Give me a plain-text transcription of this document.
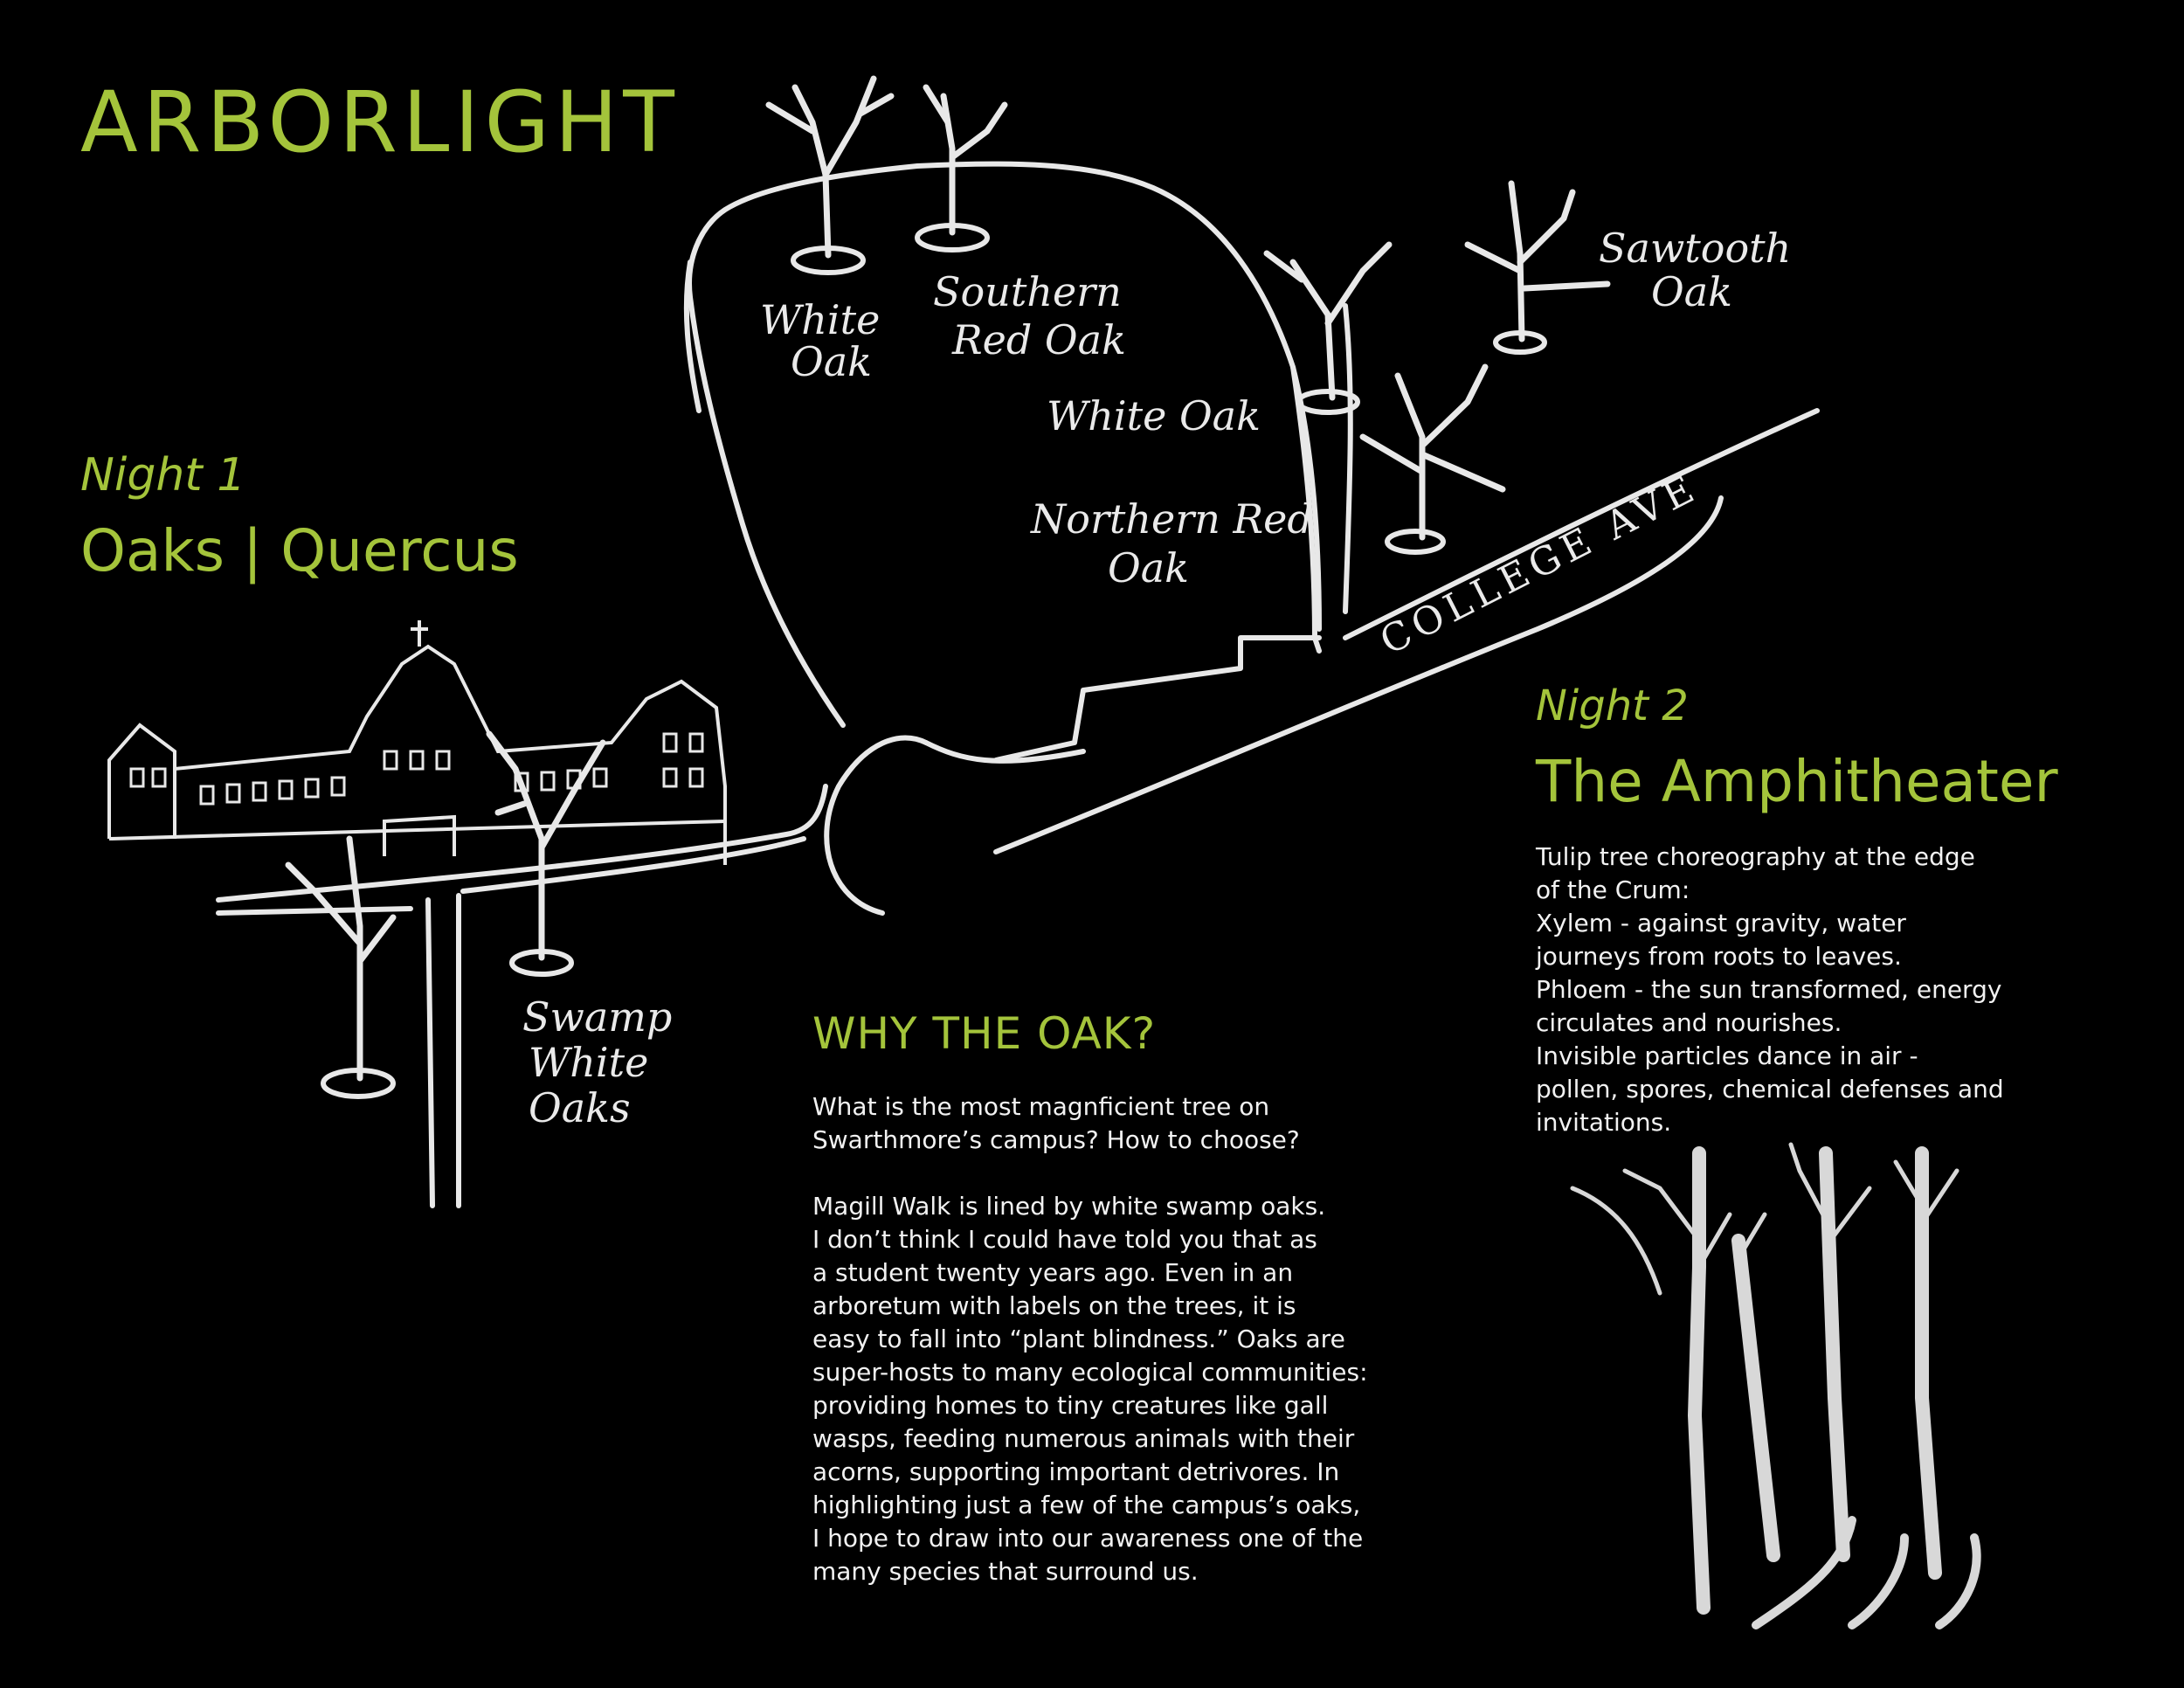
White
Oak
Southern
Red Oak
White Oak
Northern Red
Oak
Sawtooth
Oak
Swamp
White
Oaks
COLLEGE AVE
ARBORLIGHT
Night 1
Oaks | Quercus
Night 2
The Amphitheater
Tulip tree choreography at the edge
of the Crum:
Xylem - against gravity, water
journeys from roots to leaves.
Phloem - the sun transformed, energy
circulates and nourishes.
Invisible particles dance in air -
pollen, spores, chemical defenses and
invitations.
WHY THE OAK?
What is the most magnficient tree on
Swarthmore’s campus? How to choose?
Magill Walk is lined by white swamp oaks.
I don’t think I could have told you that as
a student twenty years ago. Even in an
arboretum with labels on the trees, it is
easy to fall into “plant blindness.” Oaks are
super-hosts to many ecological communities:
providing homes to tiny creatures like gall
wasps, feeding numerous animals with their
acorns, supporting important detrivores. In
highlighting just a few of the campus’s oaks,
I hope to draw into our awareness one of the
many species that surround us.
